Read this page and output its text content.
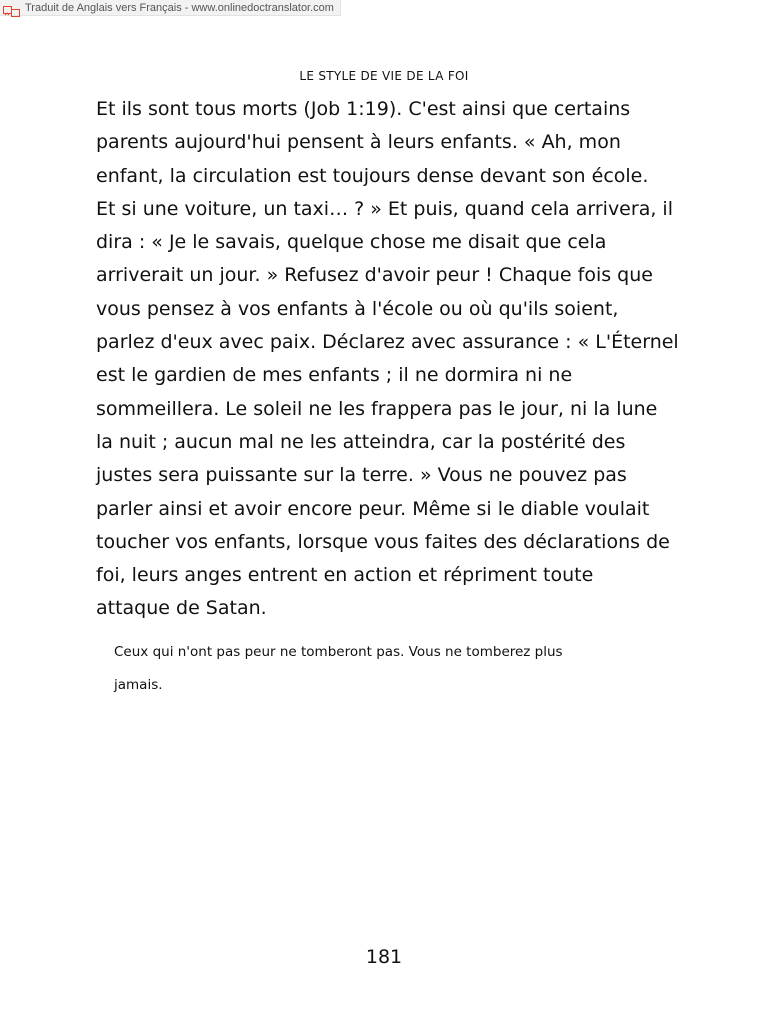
Traduit de Anglais vers Français - www.onlinedoctranslator.com
LE STYLE DE VIE DE LA FOI

Et ils sont tous morts (Job 1:19). C'est ainsi que certains
parents aujourd'hui pensent à leurs enfants. « Ah, mon
enfant, la circulation est toujours dense devant son école.
Et si une voiture, un taxi… ? » Et puis, quand cela arrivera, il
dira : « Je le savais, quelque chose me disait que cela
arriverait un jour. » Refusez d'avoir peur ! Chaque fois que
vous pensez à vos enfants à l'école ou où qu'ils soient,
parlez d'eux avec paix. Déclarez avec assurance : « L'Éternel
est le gardien de mes enfants ; il ne dormira ni ne
sommeillera. Le soleil ne les frappera pas le jour, ni la lune
la nuit ; aucun mal ne les atteindra, car la postérité des
justes sera puissante sur la terre. » Vous ne pouvez pas
parler ainsi et avoir encore peur. Même si le diable voulait
toucher vos enfants, lorsque vous faites des déclarations de
foi, leurs anges entrent en action et répriment toute
attaque de Satan.

Ceux qui n'ont pas peur ne tomberont pas. Vous ne tomberez plus
jamais.

181
